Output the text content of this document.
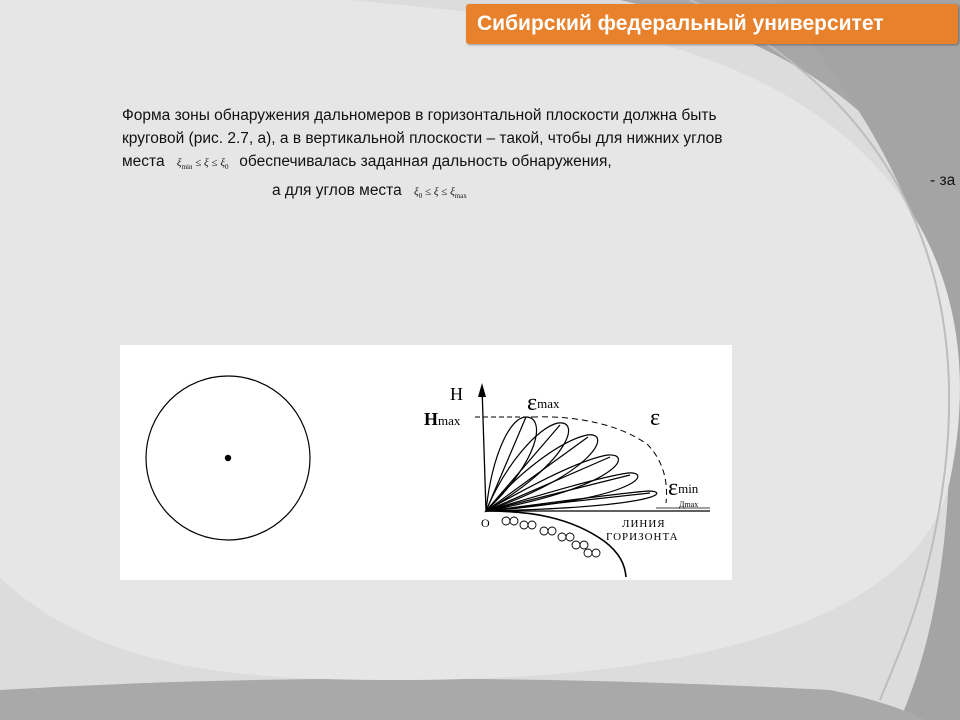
Сибирский федеральный университет
Форма зоны обнаружения дальномеров в горизонтальной плоскости должна быть
круговой (рис. 2.7, а), а в вертикальной плоскости – такой, чтобы для нижних углов
места $\xi_{min} \le \xi \le \xi_0$ обеспечивалась заданная дальность обнаружения,
а для углов места $\xi_0 \le \xi \le \xi_{max}$
- за
H
Hmax
εmax
ε
εmin
Дmax
O	ЛИНИЯ
ГОРИЗОНТА
